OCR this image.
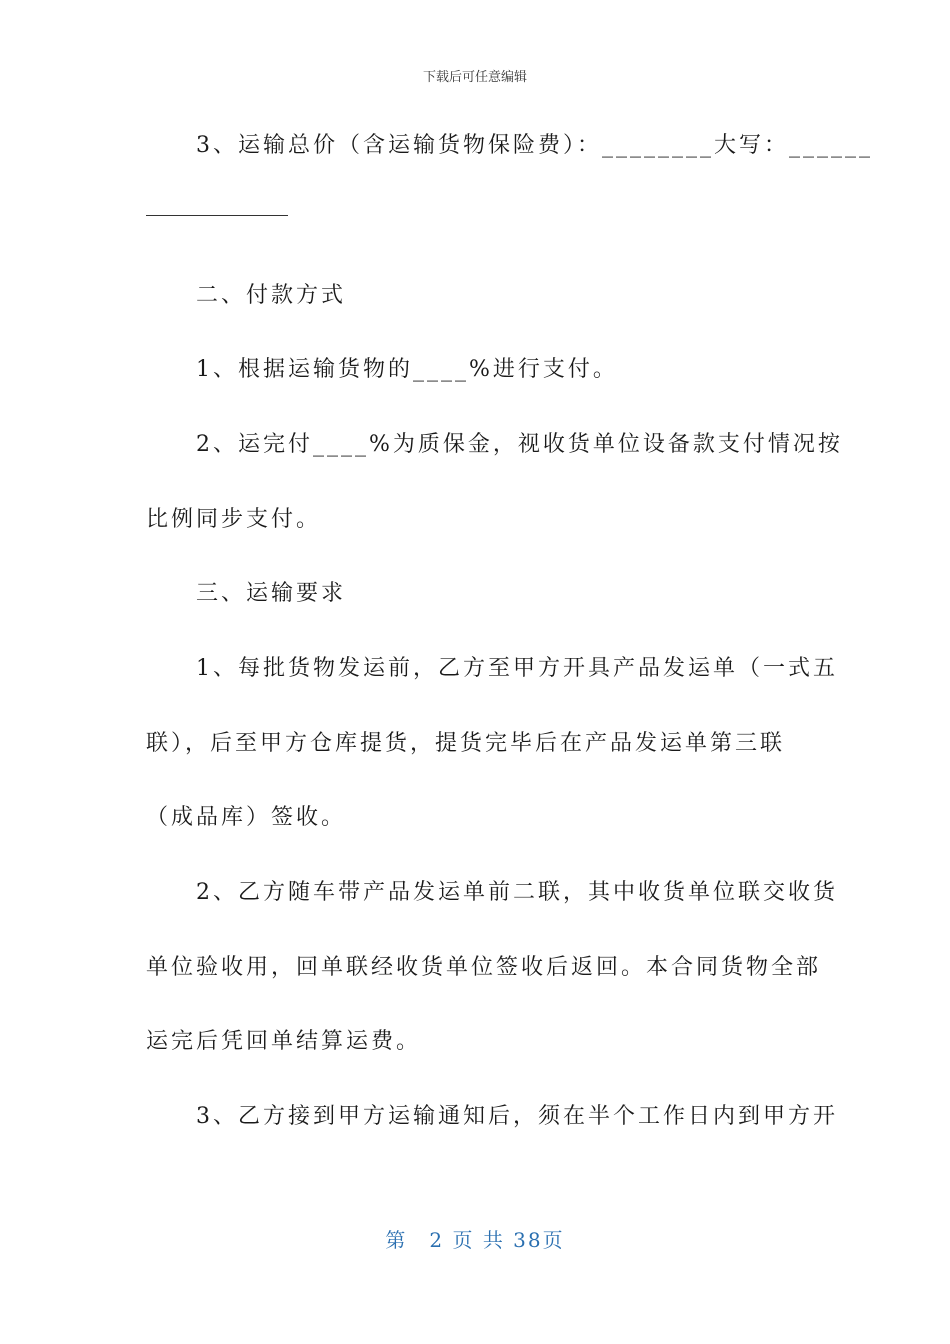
下载后可任意编辑
　　3、运输总价（含运输货物保险费）：________大写：______
　　二、付款方式
　　1、根据运输货物的____%进行支付。
　　2、运完付____%为质保金，视收货单位设备款支付情况按
比例同步支付。
　　三、运输要求
　　1、每批货物发运前，乙方至甲方开具产品发运单（一式五
联），后至甲方仓库提货，提货完毕后在产品发运单第三联
（成品库）签收。
　　2、乙方随车带产品发运单前二联，其中收货单位联交收货
单位验收用，回单联经收货单位签收后返回。本合同货物全部
运完后凭回单结算运费。
　　3、乙方接到甲方运输通知后，须在半个工作日内到甲方开
第　2 页 共 38页
